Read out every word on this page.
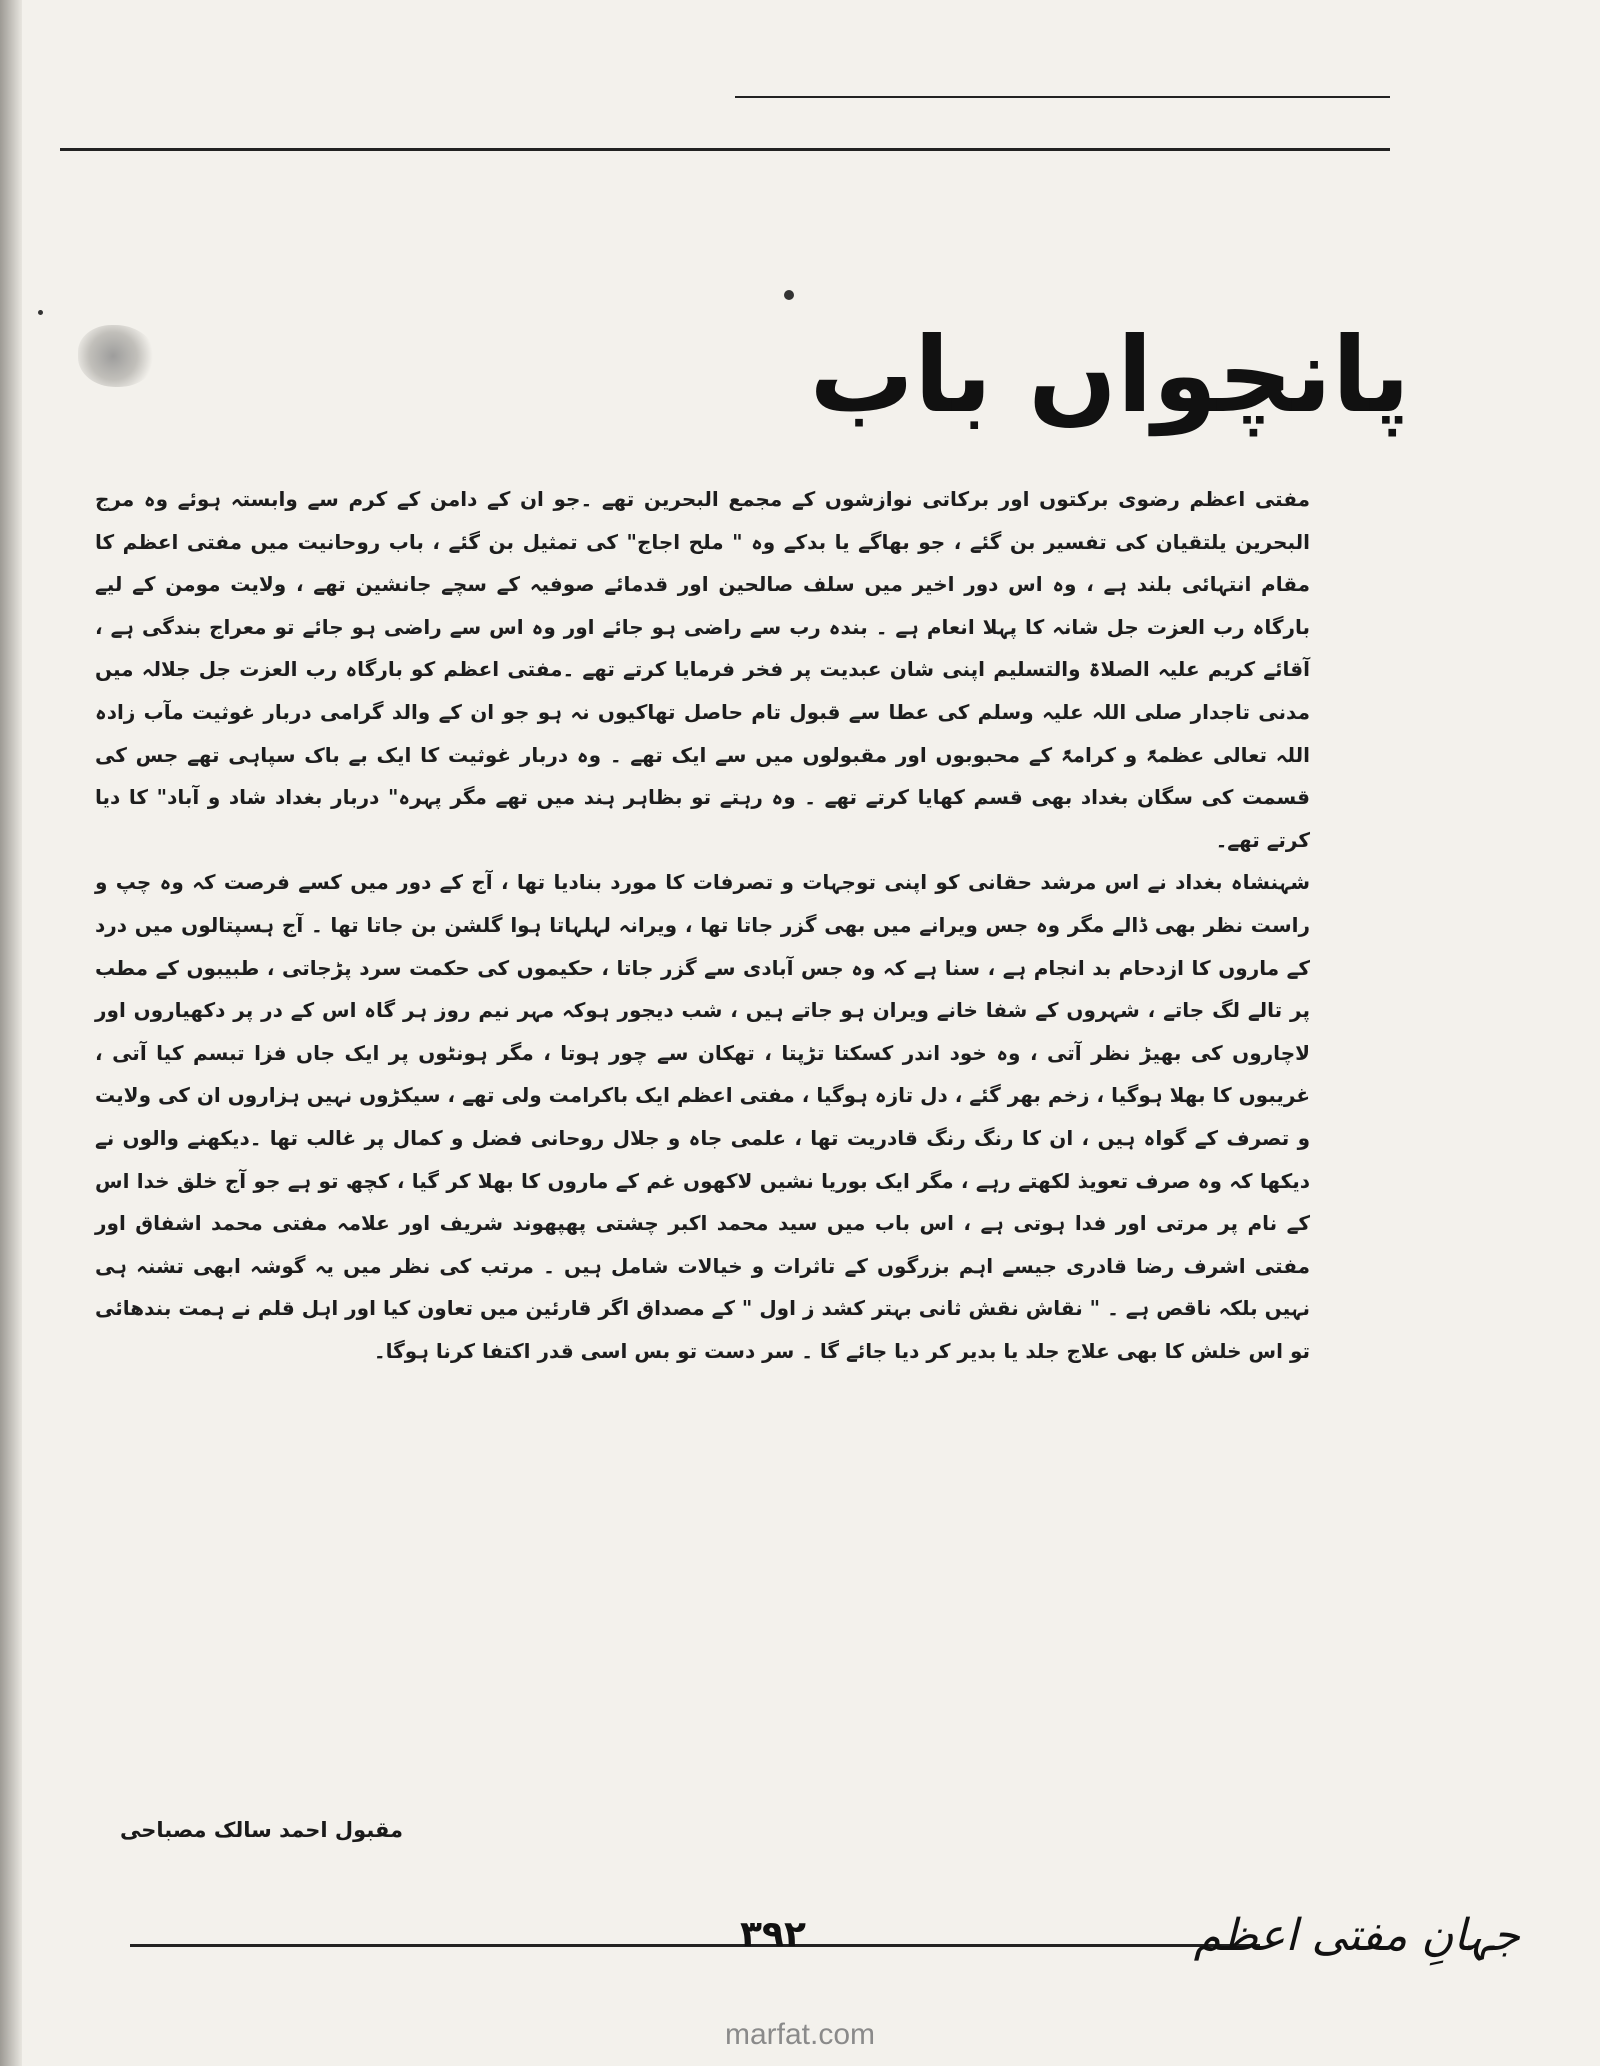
پانچواں باب

مفتی اعظم رضوی برکتوں اور برکاتی نوازشوں کے مجمع البحرین تھے ۔جو ان کے دامن کے کرم سے وابستہ ہوئے وہ مرج البحرین یلتقیان کی تفسیر بن گئے ، جو بھاگے یا بدکے وہ " ملح اجاج" کی تمثیل بن گئے ، باب روحانیت میں مفتی اعظم کا مقام انتہائی بلند ہے ، وہ اس دور اخیر میں سلف صالحین اور قدمائے صوفیہ کے سچے جانشین تھے ، ولایت مومن کے لیے بارگاہ رب العزت جل شانہ کا پہلا انعام ہے ۔ بندہ رب سے راضی ہو جائے اور وہ اس سے راضی ہو جائے تو معراج بندگی ہے ، آقائے کریم علیہ الصلاۃ والتسلیم اپنی شان عبدیت پر فخر فرمایا کرتے تھے ۔مفتی اعظم کو بارگاہ رب العزت جل جلالہ میں مدنی تاجدار صلی اللہ علیہ وسلم کی عطا سے قبول تام حاصل تھاکیوں نہ ہو جو ان کے والد گرامی دربار غوثیت مآب زادہ اللہ تعالی عظمۃً و کرامۃً کے محبوبوں اور مقبولوں میں سے ایک تھے ۔ وہ دربار غوثیت کا ایک بے باک سپاہی تھے جس کی قسمت کی سگان بغداد بھی قسم کھایا کرتے تھے ۔ وہ رہتے تو بظاہر ہند میں تھے مگر پہرہ" دربار بغداد شاد و آباد" کا دیا کرتے تھے۔

شہنشاہ بغداد نے اس مرشد حقانی کو اپنی توجہات و تصرفات کا مورد بنادیا تھا ، آج کے دور میں کسے فرصت کہ وہ چپ و راست نظر بھی ڈالے مگر وہ جس ویرانے میں بھی گزر جاتا تھا ، ویرانہ لہلہاتا ہوا گلشن بن جاتا تھا ۔ آج ہسپتالوں میں درد کے ماروں کا ازدحام بد انجام ہے ، سنا ہے کہ وہ جس آبادی سے گزر جاتا ، حکیموں کی حکمت سرد پڑجاتی ، طبیبوں کے مطب پر تالے لگ جاتے ، شہروں کے شفا خانے ویران ہو جاتے ہیں ، شب دیجور ہوکہ مہر نیم روز ہر گاہ اس کے در پر دکھیاروں اور لاچاروں کی بھیڑ نظر آتی ، وہ خود اندر کسکتا تڑپتا ، تھکان سے چور ہوتا ، مگر ہونٹوں پر ایک جاں فزا تبسم کیا آتی ، غریبوں کا بھلا ہوگیا ، زخم بھر گئے ، دل تازہ ہوگیا ، مفتی اعظم ایک باکرامت ولی تھے ، سیکڑوں نہیں ہزاروں ان کی ولایت و تصرف کے گواہ ہیں ، ان کا رنگ رنگ قادریت تھا ، علمی جاہ و جلال روحانی فضل و کمال پر غالب تھا ۔دیکھنے والوں نے دیکھا کہ وہ صرف تعویذ لکھتے رہے ، مگر ایک بوریا نشیں لاکھوں غم کے ماروں کا بھلا کر گیا ، کچھ تو ہے جو آج خلق خدا اس کے نام پر مرتی اور فدا ہوتی ہے ، اس باب میں سید محمد اکبر چشتی پھپھوند شریف اور علامہ مفتی محمد اشفاق اور مفتی اشرف رضا قادری جیسے اہم بزرگوں کے تاثرات و خیالات شامل ہیں ۔ مرتب کی نظر میں یہ گوشہ ابھی تشنہ ہی نہیں بلکہ ناقص ہے ۔ " نقاش نقش ثانی بہتر کشد ز اول " کے مصداق اگر قارئین میں تعاون کیا اور اہل قلم نے ہمت بندھائی تو اس خلش کا بھی علاج جلد یا بدیر کر دیا جائے گا ۔ سر دست تو بس اسی قدر اکتفا کرنا ہوگا۔

مقبول احمد سالک مصباحی
۳۹۲	جہانِ مفتی اعظم
marfat.com
